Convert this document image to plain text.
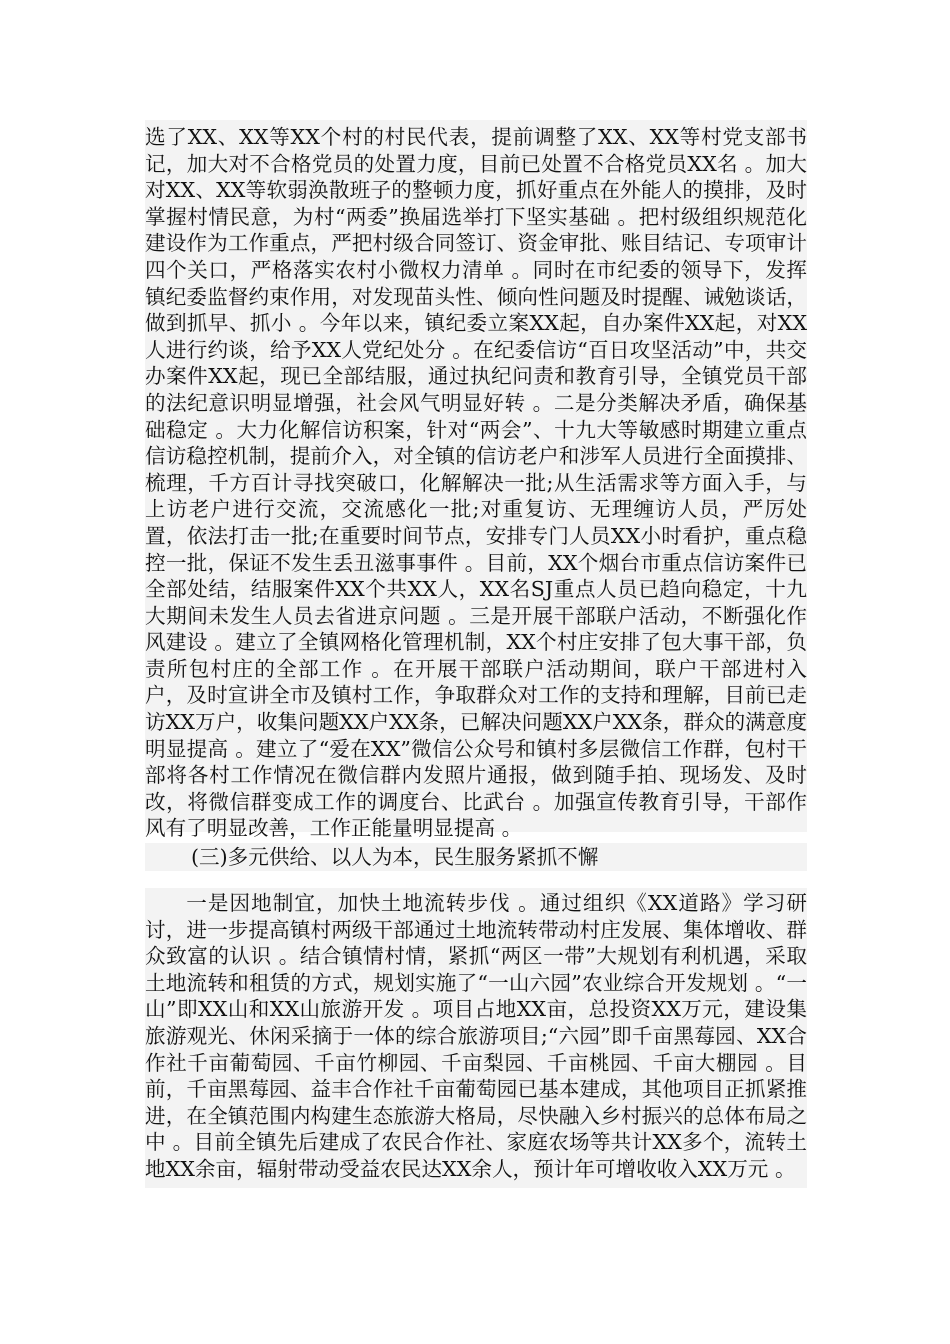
选了XX、XX等XX个村的村民代表，提前调整了XX、XX等村党支部书记，加大对不合格党员的处置力度，目前已处置不合格党员XX名 。加大对XX、XX等软弱涣散班子的整顿力度，抓好重点在外能人的摸排，及时掌握村情民意，为村“两委”换届选举打下坚实基础 。把村级组织规范化建设作为工作重点，严把村级合同签订、资金审批、账目结记、专项审计四个关口，严格落实农村小微权力清单 。同时在市纪委的领导下，发挥镇纪委监督约束作用，对发现苗头性、倾向性问题及时提醒、诫勉谈话，做到抓早、抓小 。今年以来，镇纪委立案XX起，自办案件XX起，对XX人进行约谈，给予XX人党纪处分 。在纪委信访“百日攻坚活动”中，共交办案件XX起，现已全部结服，通过执纪问责和教育引导，全镇党员干部的法纪意识明显增强，社会风气明显好转 。二是分类解决矛盾，确保基础稳定 。大力化解信访积案，针对“两会”、十九大等敏感时期建立重点信访稳控机制，提前介入，对全镇的信访老户和涉军人员进行全面摸排、梳理，千方百计寻找突破口，化解解决一批;从生活需求等方面入手，与上访老户进行交流，交流感化一批;对重复访、无理缠访人员，严厉处置，依法打击一批;在重要时间节点，安排专门人员XX小时看护，重点稳控一批，保证不发生丢丑滋事事件 。目前，XX个烟台市重点信访案件已全部处结，结服案件XX个共XX人，XX名SJ重点人员已趋向稳定，十九大期间未发生人员去省进京问题 。三是开展干部联户活动，不断强化作风建设 。建立了全镇网格化管理机制，XX个村庄安排了包大事干部，负责所包村庄的全部工作 。在开展干部联户活动期间，联户干部进村入户，及时宣讲全市及镇村工作，争取群众对工作的支持和理解，目前已走访XX万户，收集问题XX户XX条，已解决问题XX户XX条，群众的满意度明显提高 。建立了“爱在XX”微信公众号和镇村多层微信工作群，包村干部将各村工作情况在微信群内发照片通报，做到随手拍、现场发、及时改，将微信群变成工作的调度台、比武台 。加强宣传教育引导，干部作风有了明显改善，工作正能量明显提高 。

(三)多元供给、以人为本，民生服务紧抓不懈

一是因地制宜，加快土地流转步伐 。通过组织《XX道路》学习研讨，进一步提高镇村两级干部通过土地流转带动村庄发展、集体增收、群众致富的认识 。结合镇情村情，紧抓“两区一带”大规划有利机遇，采取土地流转和租赁的方式，规划实施了“一山六园”农业综合开发规划 。“一山”即XX山和XX山旅游开发 。项目占地XX亩，总投资XX万元，建设集旅游观光、休闲采摘于一体的综合旅游项目;“六园”即千亩黑莓园、XX合作社千亩葡萄园、千亩竹柳园、千亩梨园、千亩桃园、千亩大棚园 。目前，千亩黑莓园、益丰合作社千亩葡萄园已基本建成，其他项目正抓紧推进，在全镇范围内构建生态旅游大格局，尽快融入乡村振兴的总体布局之中 。目前全镇先后建成了农民合作社、家庭农场等共计XX多个，流转土地XX余亩，辐射带动受益农民达XX余人，预计年可增收收入XX万元 。
